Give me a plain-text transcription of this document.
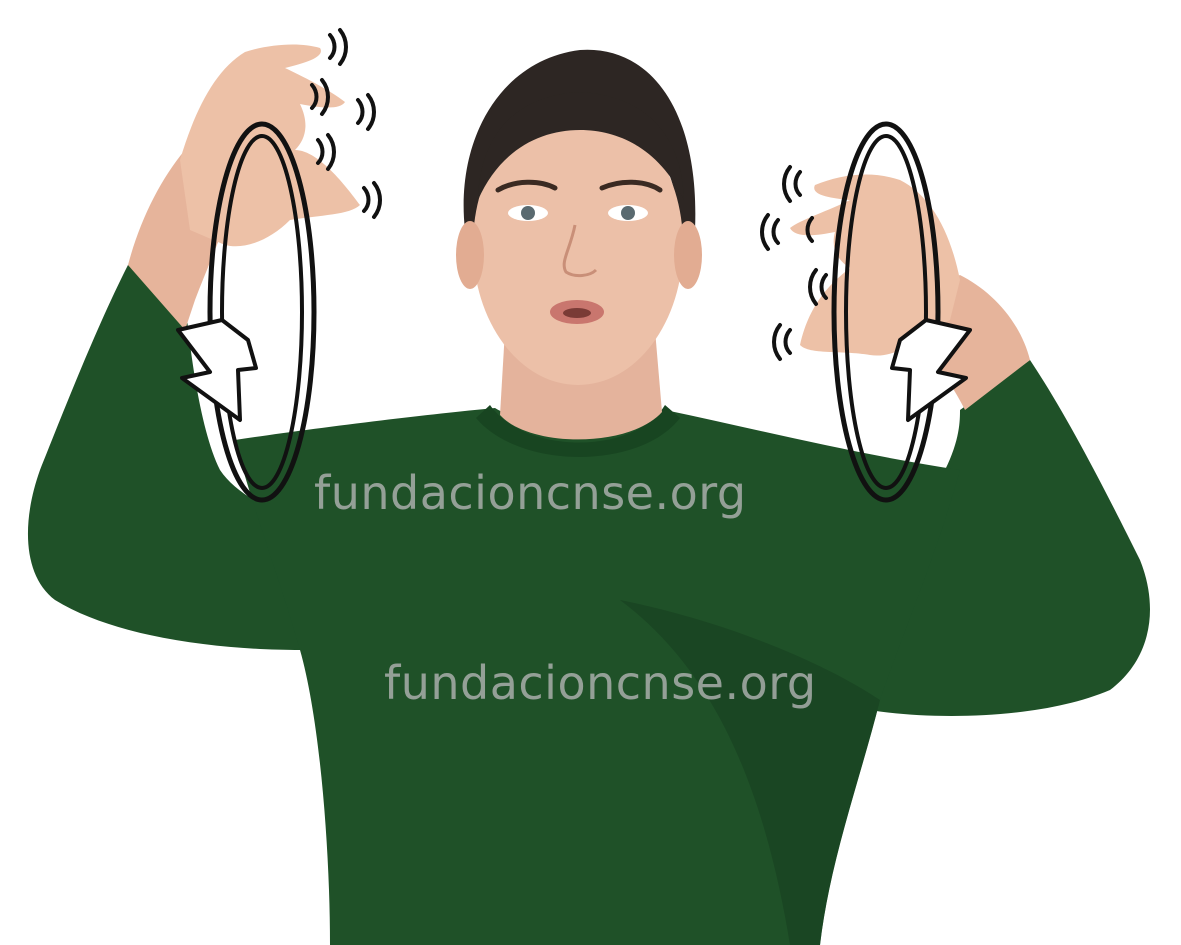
fundacioncnse.org
fundacioncnse.org
